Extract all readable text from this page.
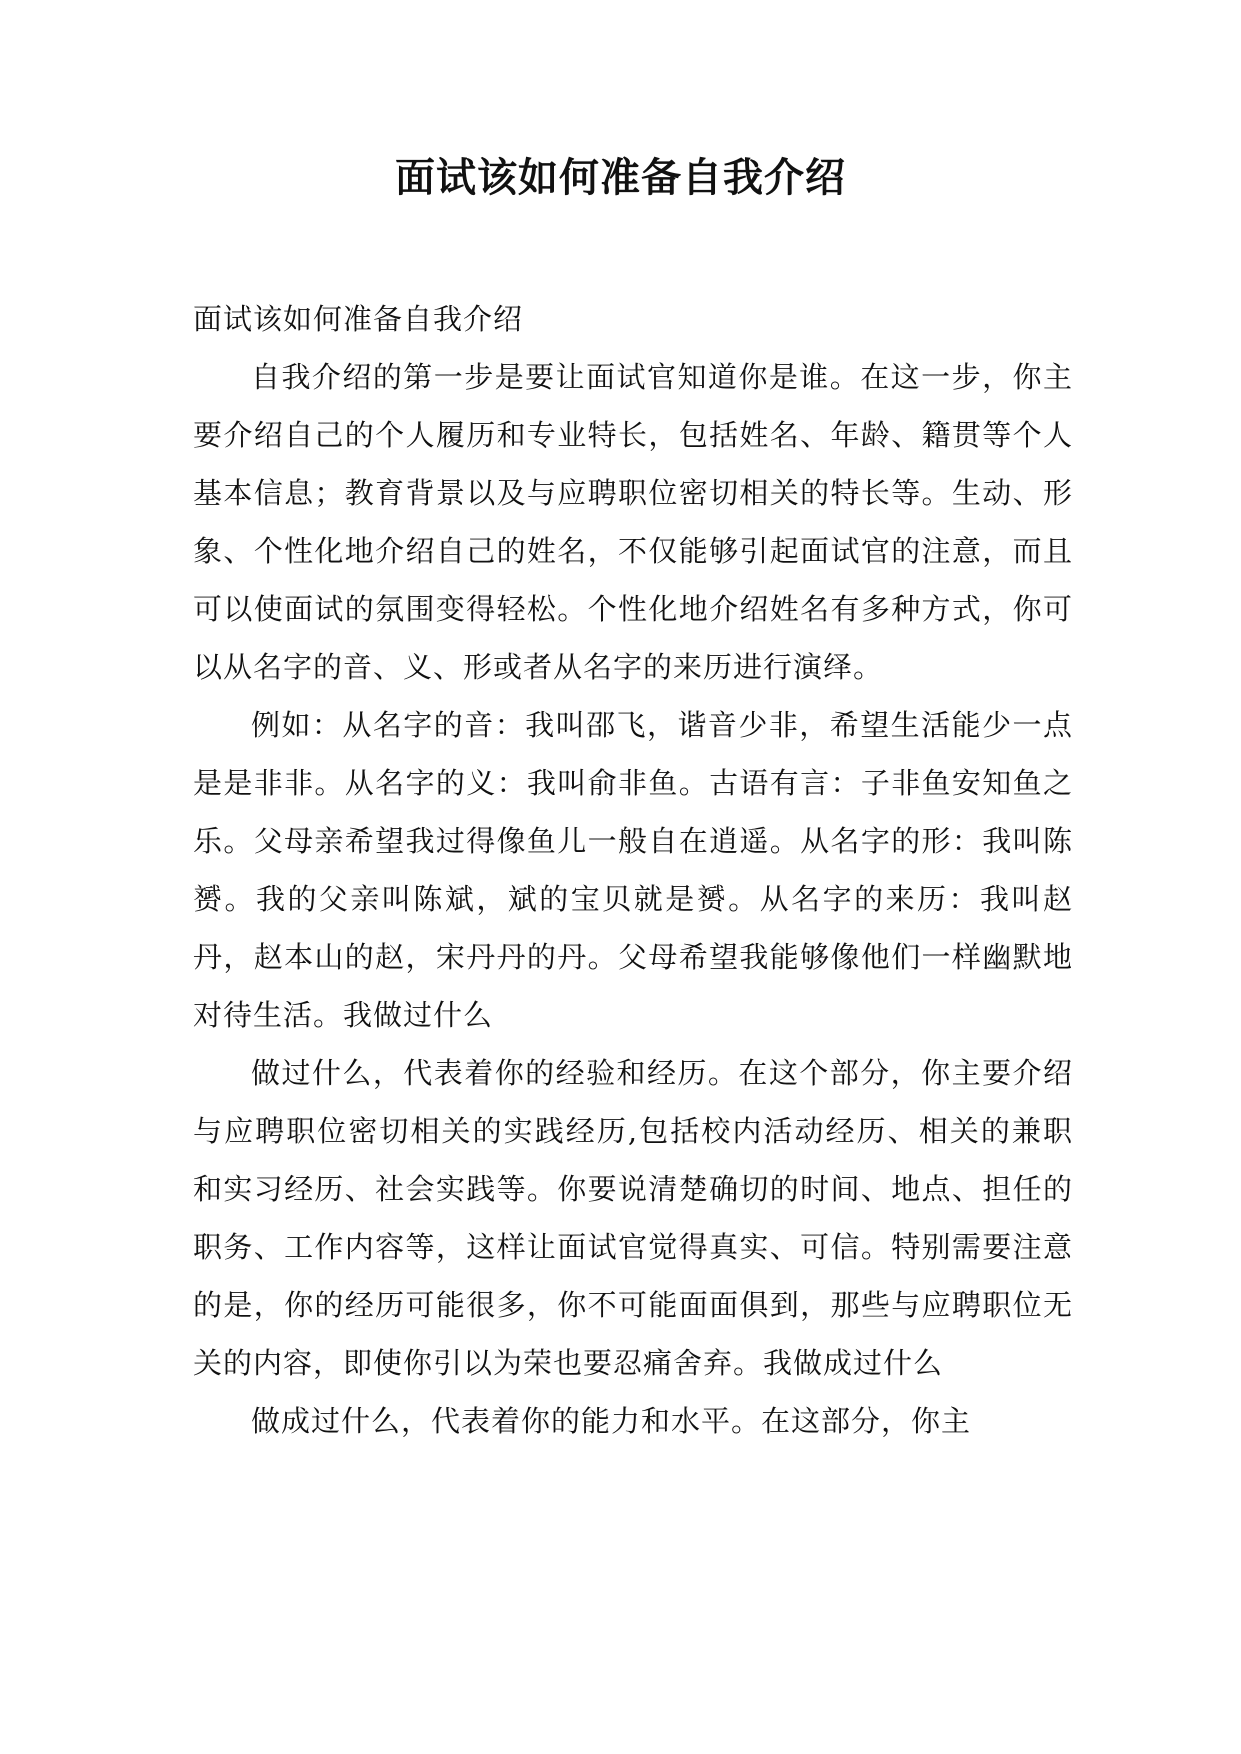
面试该如何准备自我介绍

面试该如何准备自我介绍

自我介绍的第一步是要让面试官知道你是谁。在这一步，你主要介绍自己的个人履历和专业特长，包括姓名、年龄、籍贯等个人基本信息；教育背景以及与应聘职位密切相关的特长等。生动、形象、个性化地介绍自己的姓名，不仅能够引起面试官的注意，而且可以使面试的氛围变得轻松。个性化地介绍姓名有多种方式，你可以从名字的音、义、形或者从名字的来历进行演绎。

例如：从名字的音：我叫邵飞，谐音少非，希望生活能少一点是是非非。从名字的义：我叫俞非鱼。古语有言：子非鱼安知鱼之乐。父母亲希望我过得像鱼儿一般自在逍遥。从名字的形：我叫陈赟。我的父亲叫陈斌，斌的宝贝就是赟。从名字的来历：我叫赵丹，赵本山的赵，宋丹丹的丹。父母希望我能够像他们一样幽默地对待生活。我做过什么

做过什么，代表着你的经验和经历。在这个部分，你主要介绍与应聘职位密切相关的实践经历,包括校内活动经历、相关的兼职和实习经历、社会实践等。你要说清楚确切的时间、地点、担任的职务、工作内容等，这样让面试官觉得真实、可信。特别需要注意的是，你的经历可能很多，你不可能面面俱到，那些与应聘职位无关的内容，即使你引以为荣也要忍痛舍弃。我做成过什么

做成过什么，代表着你的能力和水平。在这部分，你主
